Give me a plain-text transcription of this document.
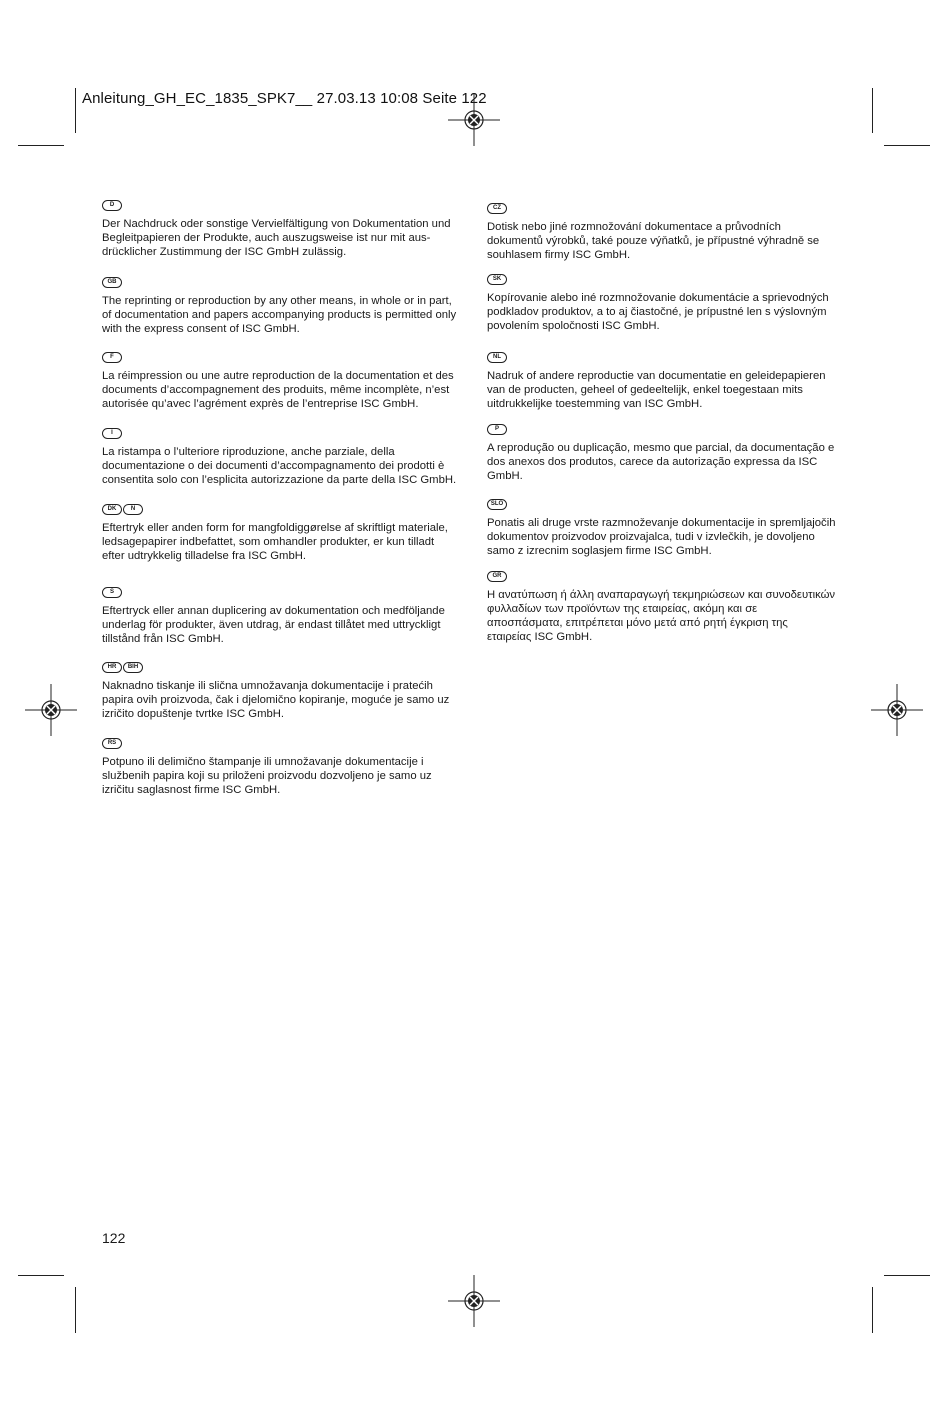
Anleitung_GH_EC_1835_SPK7__ 27.03.13 10:08 Seite 122
D

Der Nachdruck oder sonstige Vervielfältigung von Dokumentation und
Begleitpapieren der Produkte, auch auszugsweise ist nur mit aus-
drücklicher Zustimmung der ISC GmbH zulässig.

GB

The reprinting or reproduction by any other means, in whole or in part,
of documentation and papers accompanying products is permitted only
with the express consent of ISC GmbH.

F

La réimpression ou une autre reproduction de la documentation et des
documents d’accompagnement des produits, même incomplète, n’est
autorisée qu’avec l’agrément exprès de l’entreprise ISC GmbH.

I

La ristampa o l’ulteriore riproduzione, anche parziale, della
documentazione o dei documenti d’accompagnamento dei prodotti è
consentita solo con l’esplicita autorizzazione da parte della ISC GmbH.

DK	N

Eftertryk eller anden form for mangfoldiggørelse af skriftligt materiale,
ledsagepapirer indbefattet, som omhandler produkter, er kun tilladt
efter udtrykkelig tilladelse fra ISC GmbH.

S

Eftertryck eller annan duplicering av dokumentation och medföljande
underlag för produkter, även utdrag, är endast tillåtet med uttryckligt
tillstånd från ISC GmbH.

HR	BIH

Naknadno tiskanje ili slična umnožavanja dokumentacije i pratećih
papira ovih proizvoda, čak i djelomično kopiranje, moguće je samo uz
izričito dopuštenje tvrtke ISC GmbH.

RS

Potpuno ili delimično štampanje ili umnožavanje dokumentacije i
službenih papira koji su priloženi proizvodu dozvoljeno je samo uz
izričitu saglasnost firme ISC GmbH.

CZ

Dotisk nebo jiné rozmnožování dokumentace a průvodních
dokumentů výrobků, také pouze výňatků, je přípustné výhradně se
souhlasem firmy ISC GmbH.

SK

Kopírovanie alebo iné rozmnožovanie dokumentácie a sprievodných
podkladov produktov, a to aj čiastočné, je prípustné len s výslovným
povolením spoločnosti ISC GmbH.

NL

Nadruk of andere reproductie van documentatie en geleidepapieren
van de producten, geheel of gedeeltelijk, enkel toegestaan mits
uitdrukkelijke toestemming van ISC GmbH.

P

A reprodução ou duplicação, mesmo que parcial, da documentação e
dos anexos dos produtos, carece da autorização expressa da ISC
GmbH.

SLO

Ponatis ali druge vrste razmnoževanje dokumentacije in spremljajočih
dokumentov proizvodov proizvajalca, tudi v izvlečkih, je dovoljeno
samo z izrecnim soglasjem firme ISC GmbH.

GR

Η ανατύπωση ή άλλη αναπαραγωγή τεκμηριώσεων και συνοδευτικών
φυλλαδίων των προϊόντων της εταιρείας, ακόμη και σε
αποσπάσματα, επιτρέπεται μόνο μετά από ρητή έγκριση της
εταιρείας ISC GmbH.

122
